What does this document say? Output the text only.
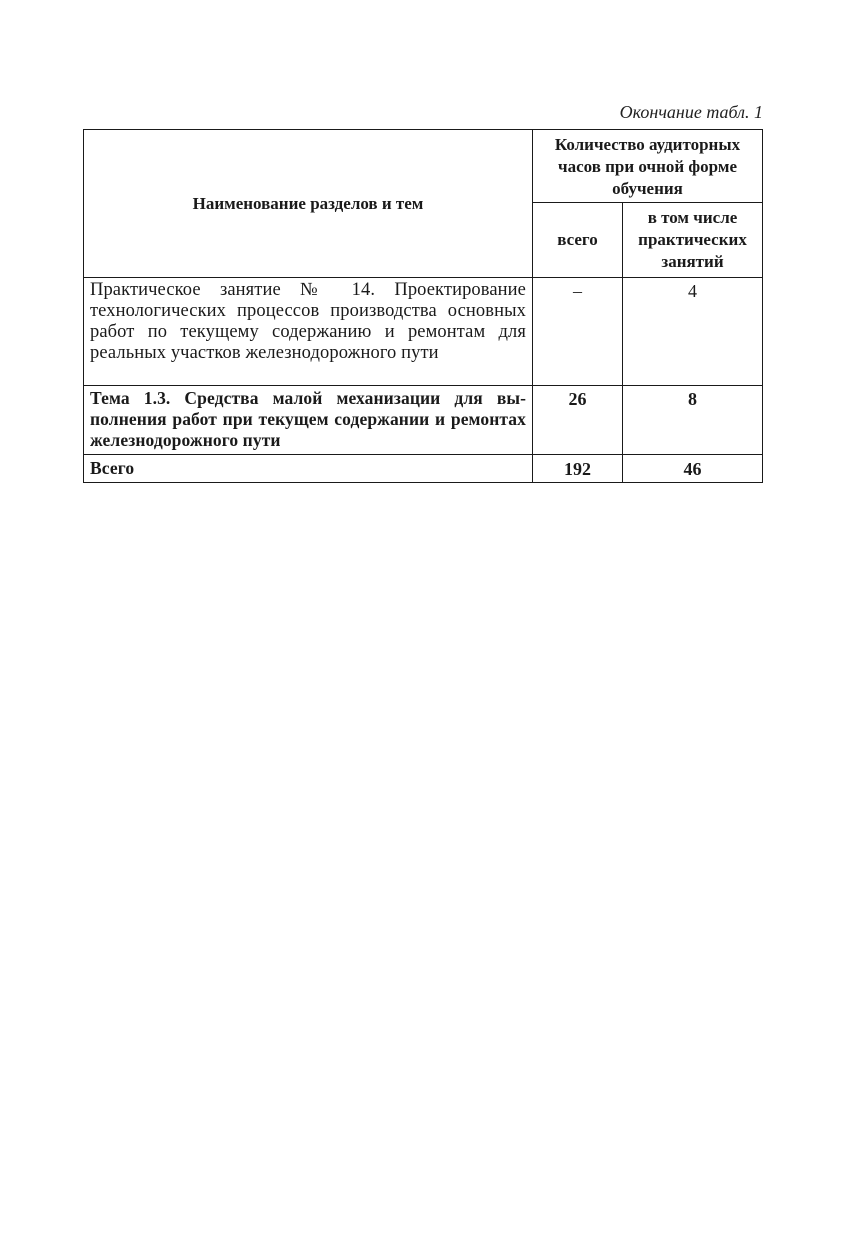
Окончание табл. 1
Наименование разделов и тем	Количество аудиторных часов при очной форме обучения	
	всего	в том числе практических занятий
Практическое занятие № 14. Проектирование технологических процессов производства основных работ по текущему содержанию и ремонтам для реальных участков железнодорожного пути	–	4
Тема 1.3. Средства малой механизации для выполнения работ при текущем содержании и ремонтах железнодорожного пути	26	8
Всего	192	46
